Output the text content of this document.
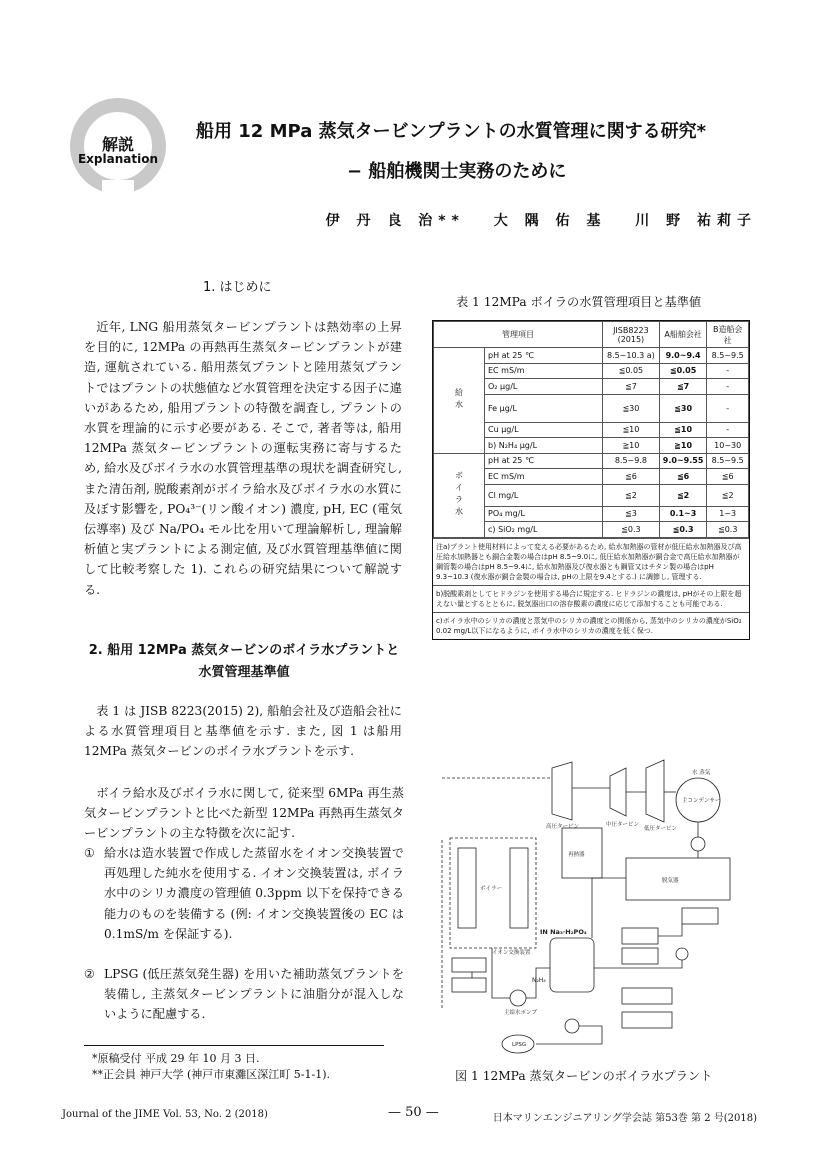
解説
Explanation
船用 12 MPa 蒸気タービンプラントの水質管理に関する研究*
− 船舶機関士実務のために
伊 丹 良 治** 大 隅 佑 基 川 野 祐莉子
1. はじめに
近年, LNG 船用蒸気タービンプラントは熱効率の上昇を目的に, 12MPa の再熱再生蒸気タービンプラントが建造, 運航されている. 船用蒸気プラントと陸用蒸気プラントではプラントの状態値など水質管理を決定する因子に違いがあるため, 船用プラントの特徴を調査し, プラントの水質を理論的に示す必要がある. そこで, 著者等は, 船用 12MPa 蒸気タービンプラントの運転実務に寄与するため, 給水及びボイラ水の水質管理基準の現状を調査研究し, また清缶剤, 脱酸素剤がボイラ給水及びボイラ水の水質に及ぼす影響を, PO₄³⁻(リン酸イオン) 濃度, pH, EC (電気伝導率) 及び Na/PO₄ モル比を用いて理論解析し, 理論解析値と実プラントによる測定値, 及び水質管理基準値に関して比較考察した 1). これらの研究結果について解説する.
2. 船用 12MPa 蒸気タービンのボイラ水プラントと水質管理基準値
表 1 は JISB 8223(2015) 2), 船舶会社及び造船会社による水質管理項目と基準値を示す. また, 図 1 は船用 12MPa 蒸気タービンのボイラ水プラントを示す.
ボイラ給水及びボイラ水に関して, 従来型 6MPa 再生蒸気タービンプラントと比べた新型 12MPa 再熱再生蒸気タービンプラントの主な特徴を次に記す.
① 給水は造水装置で作成した蒸留水をイオン交換装置で再処理した純水を使用する. イオン交換装置は, ボイラ水中のシリカ濃度の管理値 0.3ppm 以下を保持できる能力のものを装備する (例: イオン交換装置後の EC は 0.1mS/m を保証する).
② LPSG (低圧蒸気発生器) を用いた補助蒸気プラントを装備し, 主蒸気タービンプラントに油脂分が混入しないように配慮する.
*原稿受付 平成 29 年 10 月 3 日.
**正会員 神戸大学 (神戸市東灘区深江町 5-1-1).
表 1 12MPa ボイラの水質管理項目と基準値
管理項目		JISB8223 (2015)	A船舶会社	B造船会社
給水	pH at 25 ℃	8.5~10.3 a)	9.0~9.4	8.5~9.5
	EC mS/m	≦0.05	≦0.05	-
	O₂ μg/L	≦7	≦7	-
	Fe μg/L	≦30	≦30	-
	Cu μg/L	≦10	≦10	-
	b) N₂H₄ μg/L	≧10	≧10	10~30
ボイラ水	pH at 25 ℃	8.5~9.8	9.0~9.55	8.5~9.5
	EC mS/m	≦6	≦6	≦6
	Cl mg/L	≦2	≦2	≦2
	PO₄ mg/L	≦3	0.1~3	1~3
	c) SiO₂ mg/L	≦0.3	≦0.3	≦0.3
注a)プラント使用材料によって変える必要があるため, 給水加熱器の管材が低圧給水加熱器及び高圧給水加熱器とも銅合金製の場合はpH 8.5~9.0に, 低圧給水加熱器が銅合金で高圧給水加熱器が鋼管製の場合はpH 8.5~9.4に, 給水加熱器及び復水器とも鋼管又はチタン製の場合はpH 9.3~10.3 (復水器が銅合金製の場合は, pHの上限を9.4とする.) に調節し, 管理する.
b)脱酸素剤としてヒドラジンを使用する場合に規定する. ヒドラジンの濃度は, pHがその上限を超えない量とするとともに, 脱気器出口の溶存酸素の濃度に応じて添加することも可能である.
c)ボイラ水中のシリカの濃度と蒸気中のシリカの濃度との関係から, 蒸気中のシリカの濃度がSiO₂ 0.02 mg/L以下になるように, ボイラ水中のシリカの濃度を低く保つ.
高圧タービン	中圧タービン
低圧タービン
主コンデンサー
脱気器
ボイラー
再熱器
主給水ポンプ
LPSG
IN Na₃·H₂PO₄
N₂H₄
イオン交換装置
水 蒸気
図 1 12MPa 蒸気タービンのボイラ水プラント
Journal of the JIME Vol. 53, No. 2 (2018)	— 50 —	日本マリンエンジニアリング学会誌 第53巻 第 2 号(2018)
